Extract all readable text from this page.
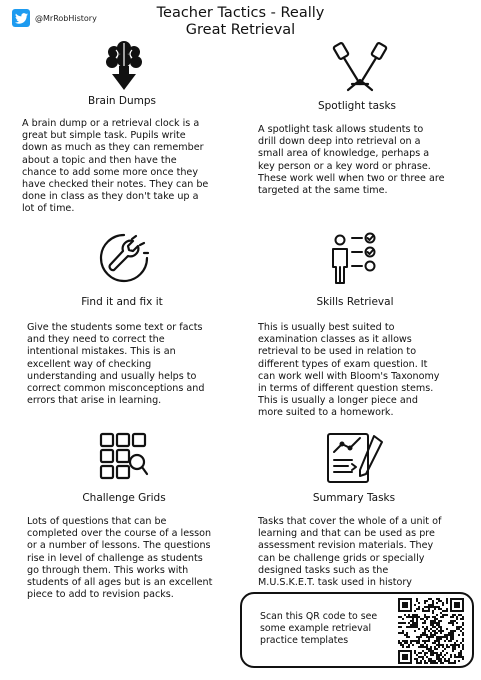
@MrRobHistory	Teacher Tactics - Really
Great Retrieval
Brain Dumps
A brain dump or a retrieval clock is a
great but simple task. Pupils write
down as much as they can remember
about a topic and then have the
chance to add some more once they
have checked their notes. They can be
done in class as they don't take up a
lot of time.
Spotlight tasks
A spotlight task allows students to
drill down deep into retrieval on a
small area of knowledge, perhaps a
key person or a key word or phrase.
These work well when two or three are
targeted at the same time.
Find it and fix it
Give the students some text or facts
and they need to correct the
intentional mistakes. This is an
excellent way of checking
understanding and usually helps to
correct common misconceptions and
errors that arise in learning.
Skills Retrieval
This is usually best suited to
examination classes as it allows
retrieval to be used in relation to
different types of exam question. It
can work well with Bloom's Taxonomy
in terms of different question stems.
This is usually a longer piece and
more suited to a homework.
Challenge Grids
Lots of questions that can be
completed over the course of a lesson
or a number of lessons. The questions
rise in level of challenge as students
go through them. This works with
students of all ages but is an excellent
piece to add to revision packs.
Summary Tasks
Tasks that cover the whole of a unit of
learning and that can be used as pre
assessment revision materials. They
can be challenge grids or specially
designed tasks such as the
M.U.S.K.E.T. task used in history
Scan this QR code to see
some example retrieval
practice templates
